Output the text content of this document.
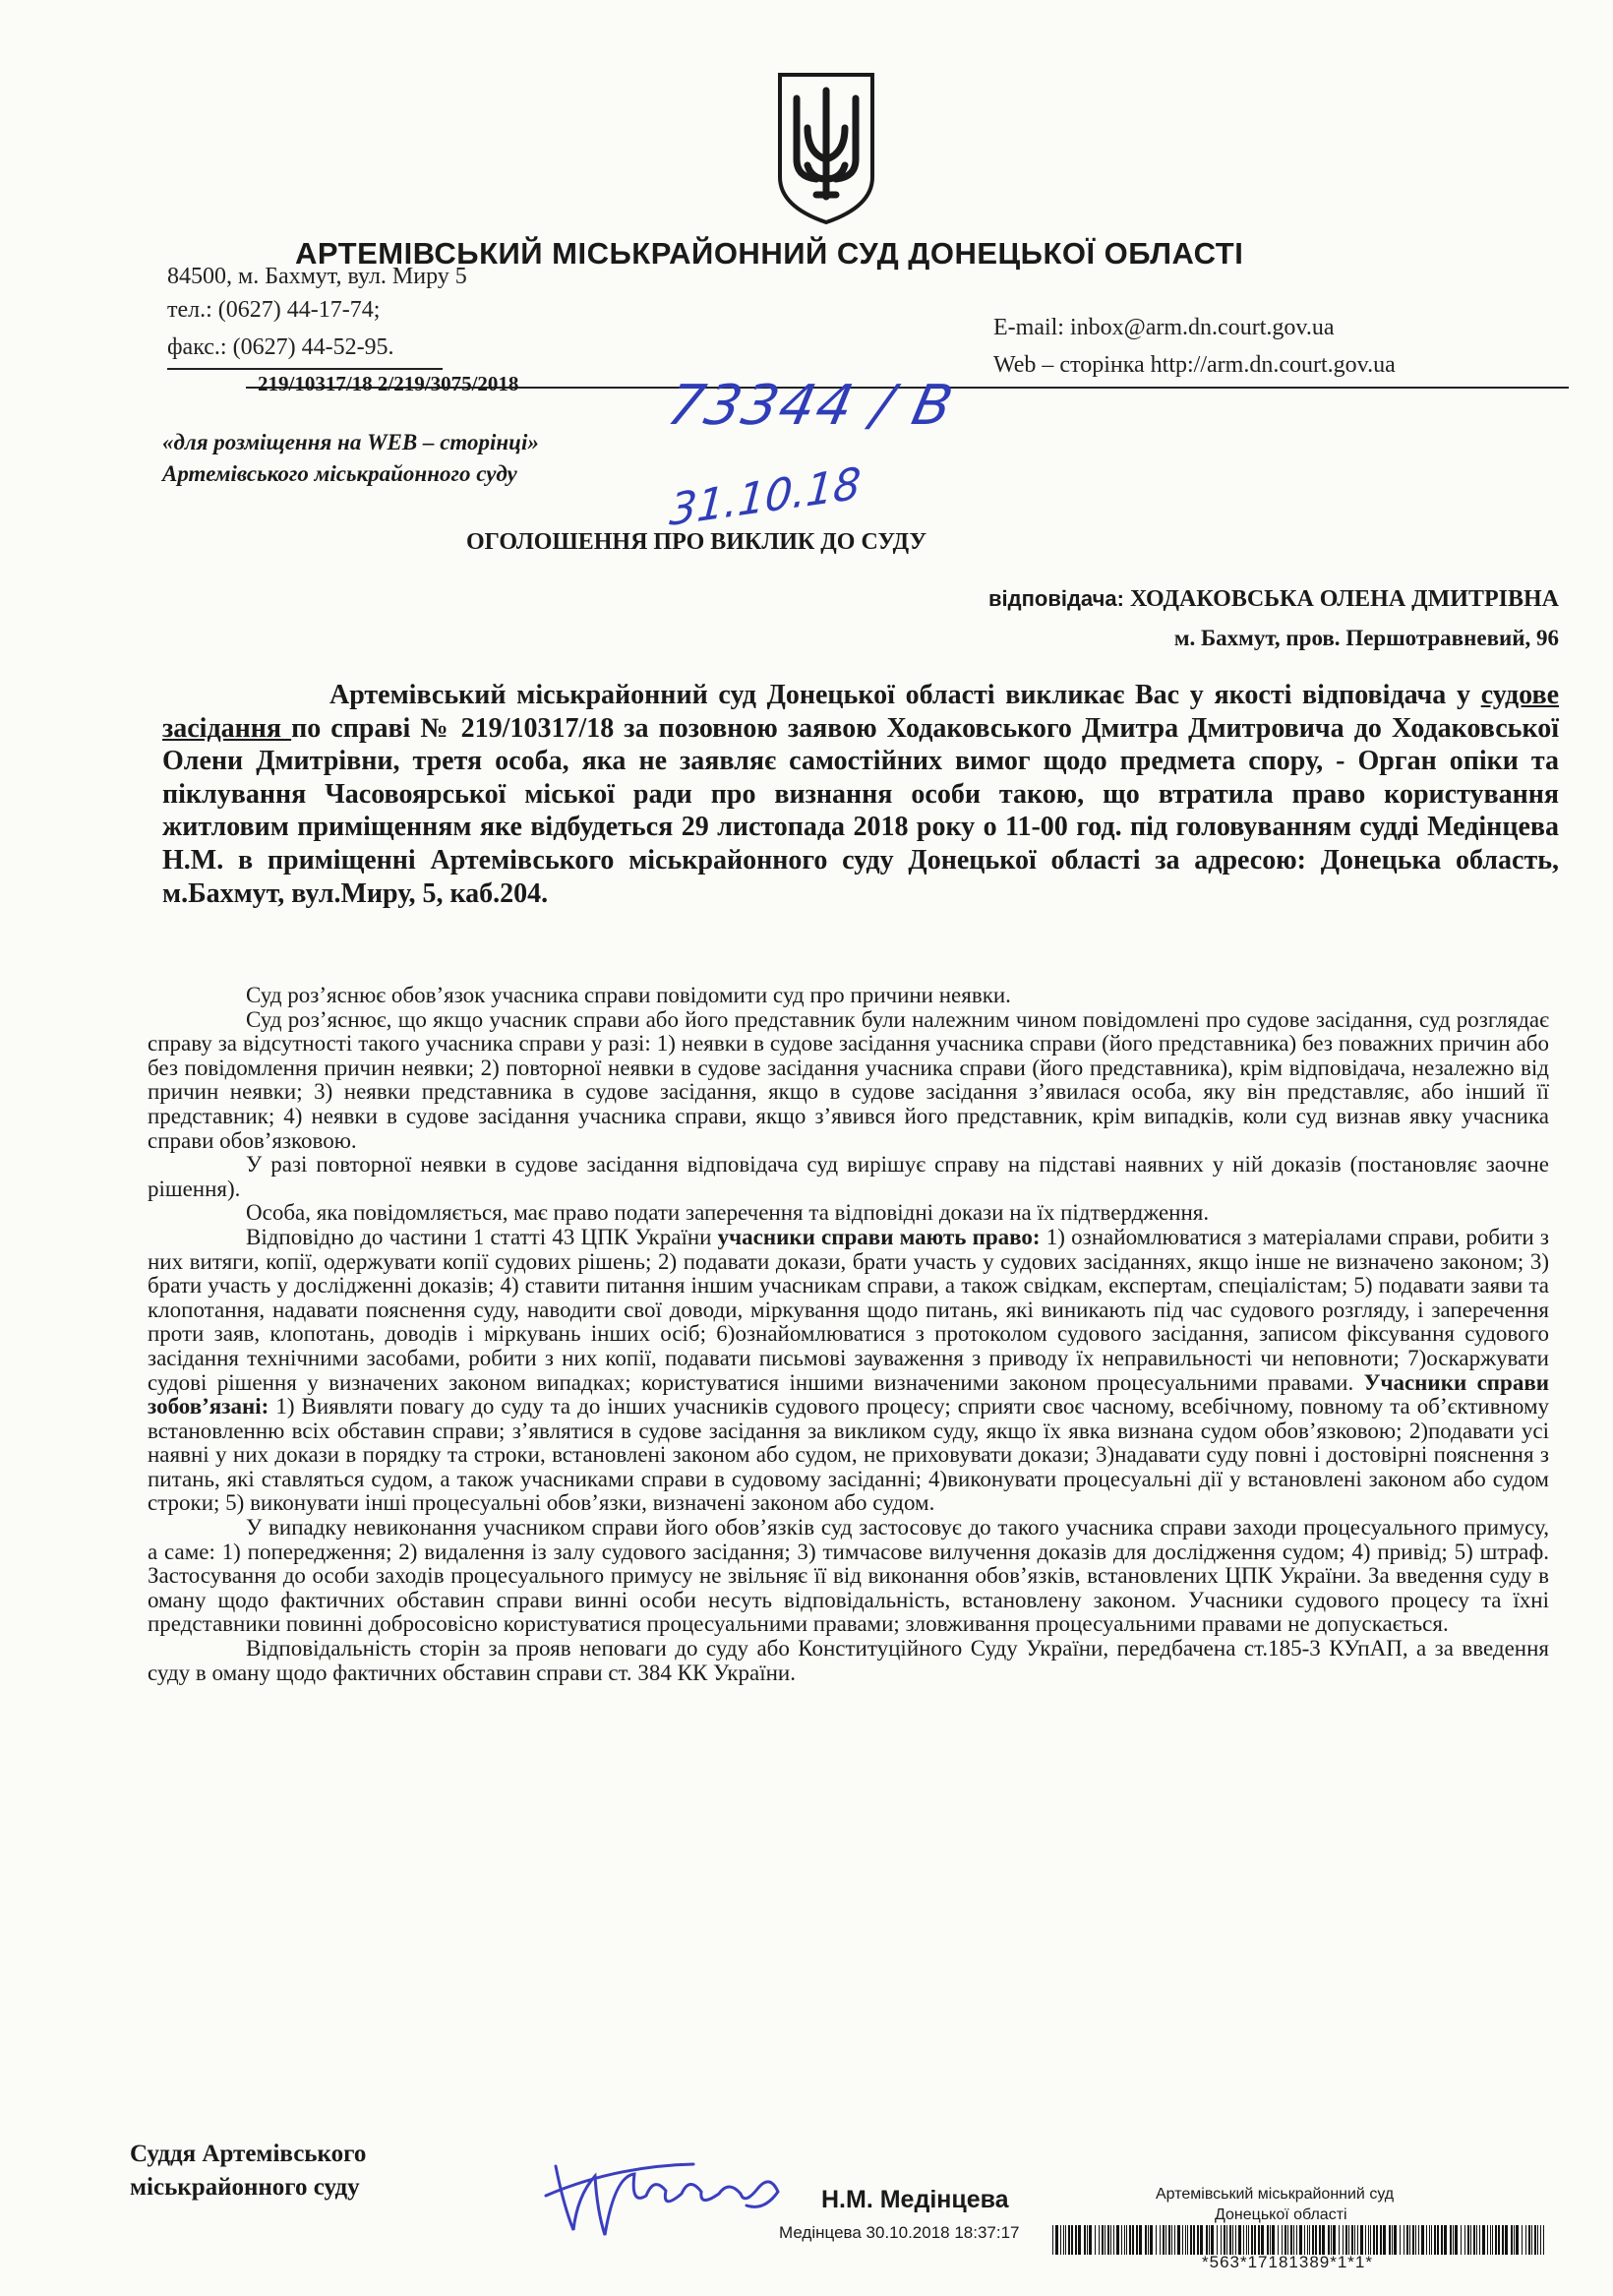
АРТЕМІВСЬКИЙ МІСЬКРАЙОННИЙ СУД ДОНЕЦЬКОЇ ОБЛАСТІ
84500, м. Бахмут, вул. Миру 5
тел.: (0627) 44-17-74;
факс.: (0627) 44-52-95.
E-mail: inbox@arm.dn.court.gov.ua
Web – сторінка http://arm.dn.court.gov.ua
219/10317/18 2/219/3075/2018	73344 / В
31.10.18
«для розміщення на WEB – сторінці»
Артемівського міськрайонного суду
ОГОЛОШЕННЯ ПРО ВИКЛИК ДО СУДУ
відповідача: ХОДАКОВСЬКА ОЛЕНА ДМИТРІВНА
м. Бахмут, пров. Першотравневий, 96
Артемівський міськрайонний суд Донецької області викликає Вас у якості відповідача у судове засідання по справі № 219/10317/18 за позовною заявою Ходаковського Дмитра Дмитровича до Ходаковської Олени Дмитрівни, третя особа, яка не заявляє самостійних вимог щодо предмета спору, - Орган опіки та піклування Часовоярської міської ради про визнання особи такою, що втратила право користування житловим приміщенням яке відбудеться 29 листопада 2018 року о 11-00 год. під головуванням судді Медінцева Н.М. в приміщенні Артемівського міськрайонного суду Донецької області за адресою: Донецька область, м.Бахмут, вул.Миру, 5, каб.204.

Суд роз’яснює обов’язок учасника справи повідомити суд про причини неявки.

Суд роз’яснює, що якщо учасник справи або його представник були належним чином повідомлені про судове засідання, суд розглядає справу за відсутності такого учасника справи у разі: 1) неявки в судове засідання учасника справи (його представника) без поважних причин або без повідомлення причин неявки; 2) повторної неявки в судове засідання учасника справи (його представника), крім відповідача, незалежно від причин неявки; 3) неявки представника в судове засідання, якщо в судове засідання з’явилася особа, яку він представляє, або інший її представник; 4) неявки в судове засідання учасника справи, якщо з’явився його представник, крім випадків, коли суд визнав явку учасника справи обов’язковою.

У разі повторної неявки в судове засідання відповідача суд вирішує справу на підставі наявних у ній доказів (постановляє заочне рішення).

Особа, яка повідомляється, має право подати заперечення та відповідні докази на їх підтвердження.

Відповідно до частини 1 статті 43 ЦПК України учасники справи мають право: 1) ознайомлюватися з матеріалами справи, робити з них витяги, копії, одержувати копії судових рішень; 2) подавати докази, брати участь у судових засіданнях, якщо інше не визначено законом; 3) брати участь у дослідженні доказів; 4) ставити питання іншим учасникам справи, а також свідкам, експертам, спеціалістам; 5) подавати заяви та клопотання, надавати пояснення суду, наводити свої доводи, міркування щодо питань, які виникають під час судового розгляду, і заперечення проти заяв, клопотань, доводів і міркувань інших осіб; 6)ознайомлюватися з протоколом судового засідання, записом фіксування судового засідання технічними засобами, робити з них копії, подавати письмові зауваження з приводу їх неправильності чи неповноти; 7)оскаржувати судові рішення у визначених законом випадках; користуватися іншими визначеними законом процесуальними правами. Учасники справи зобов’язані: 1) Виявляти повагу до суду та до інших учасників судового процесу; сприяти своє часному, всебічному, повному та об’єктивному встановленню всіх обставин справи; з’являтися в судове засідання за викликом суду, якщо їх явка визнана судом обов’язковою; 2)подавати усі наявні у них докази в порядку та строки, встановлені законом або судом, не приховувати докази; 3)надавати суду повні і достовірні пояснення з питань, які ставляться судом, а також учасниками справи в судовому засіданні; 4)виконувати процесуальні дії у встановлені законом або судом строки; 5) виконувати інші процесуальні обов’язки, визначені законом або судом.

У випадку невиконання учасником справи його обов’язків суд застосовує до такого учасника справи заходи процесуального примусу, а саме: 1) попередження; 2) видалення із залу судового засідання; 3) тимчасове вилучення доказів для дослідження судом; 4) привід; 5) штраф. Застосування до особи заходів процесуального примусу не звільняє її від виконання обов’язків, встановлених ЦПК України. За введення суду в оману щодо фактичних обставин справи винні особи несуть відповідальність, встановлену законом. Учасники судового процесу та їхні представники повинні добросовісно користуватися процесуальними правами; зловживання процесуальними правами не допускається.

Відповідальність сторін за прояв неповаги до суду або Конституційного Суду України, передбачена ст.185-3 КУпАП, а за введення суду в оману щодо фактичних обставин справи ст. 384 КК України.

Суддя Артемівського
міськрайонного суду	Н.М. Медінцева
Медінцева 30.10.2018 18:37:17
Артемівський міськрайонний суд
Донецької області
*563*17181389*1*1*
